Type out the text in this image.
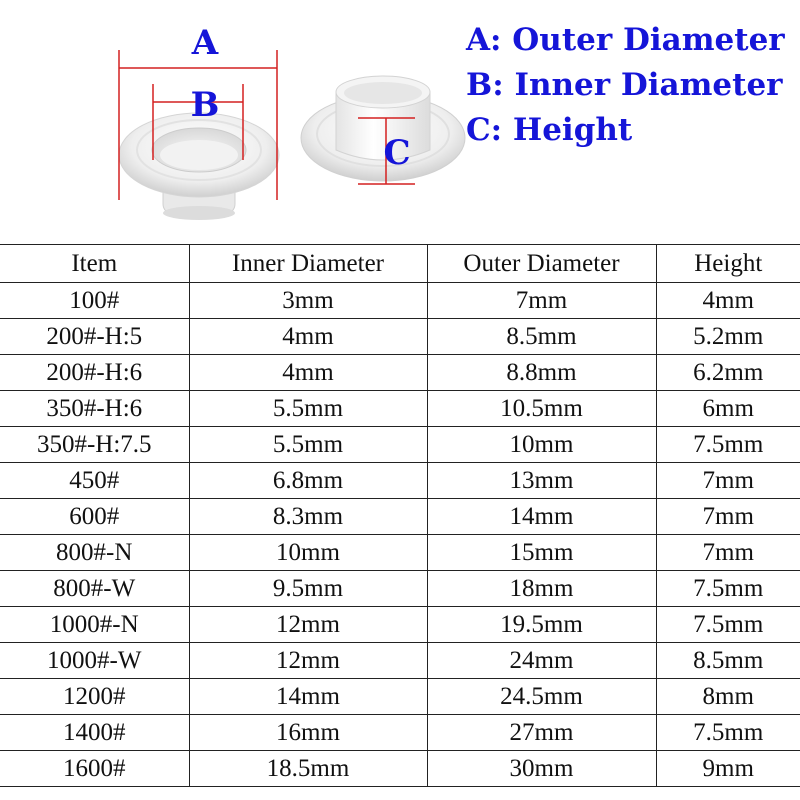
A
B
C
A: Outer Diameter
B: Inner Diameter
C: Height
Item	Inner Diameter	Outer Diameter	Height
100#	3mm	7mm	4mm
200#-H:5	4mm	8.5mm	5.2mm
200#-H:6	4mm	8.8mm	6.2mm
350#-H:6	5.5mm	10.5mm	6mm
350#-H:7.5	5.5mm	10mm	7.5mm
450#	6.8mm	13mm	7mm
600#	8.3mm	14mm	7mm
800#-N	10mm	15mm	7mm
800#-W	9.5mm	18mm	7.5mm
1000#-N	12mm	19.5mm	7.5mm
1000#-W	12mm	24mm	8.5mm
1200#	14mm	24.5mm	8mm
1400#	16mm	27mm	7.5mm
1600#	18.5mm	30mm	9mm
